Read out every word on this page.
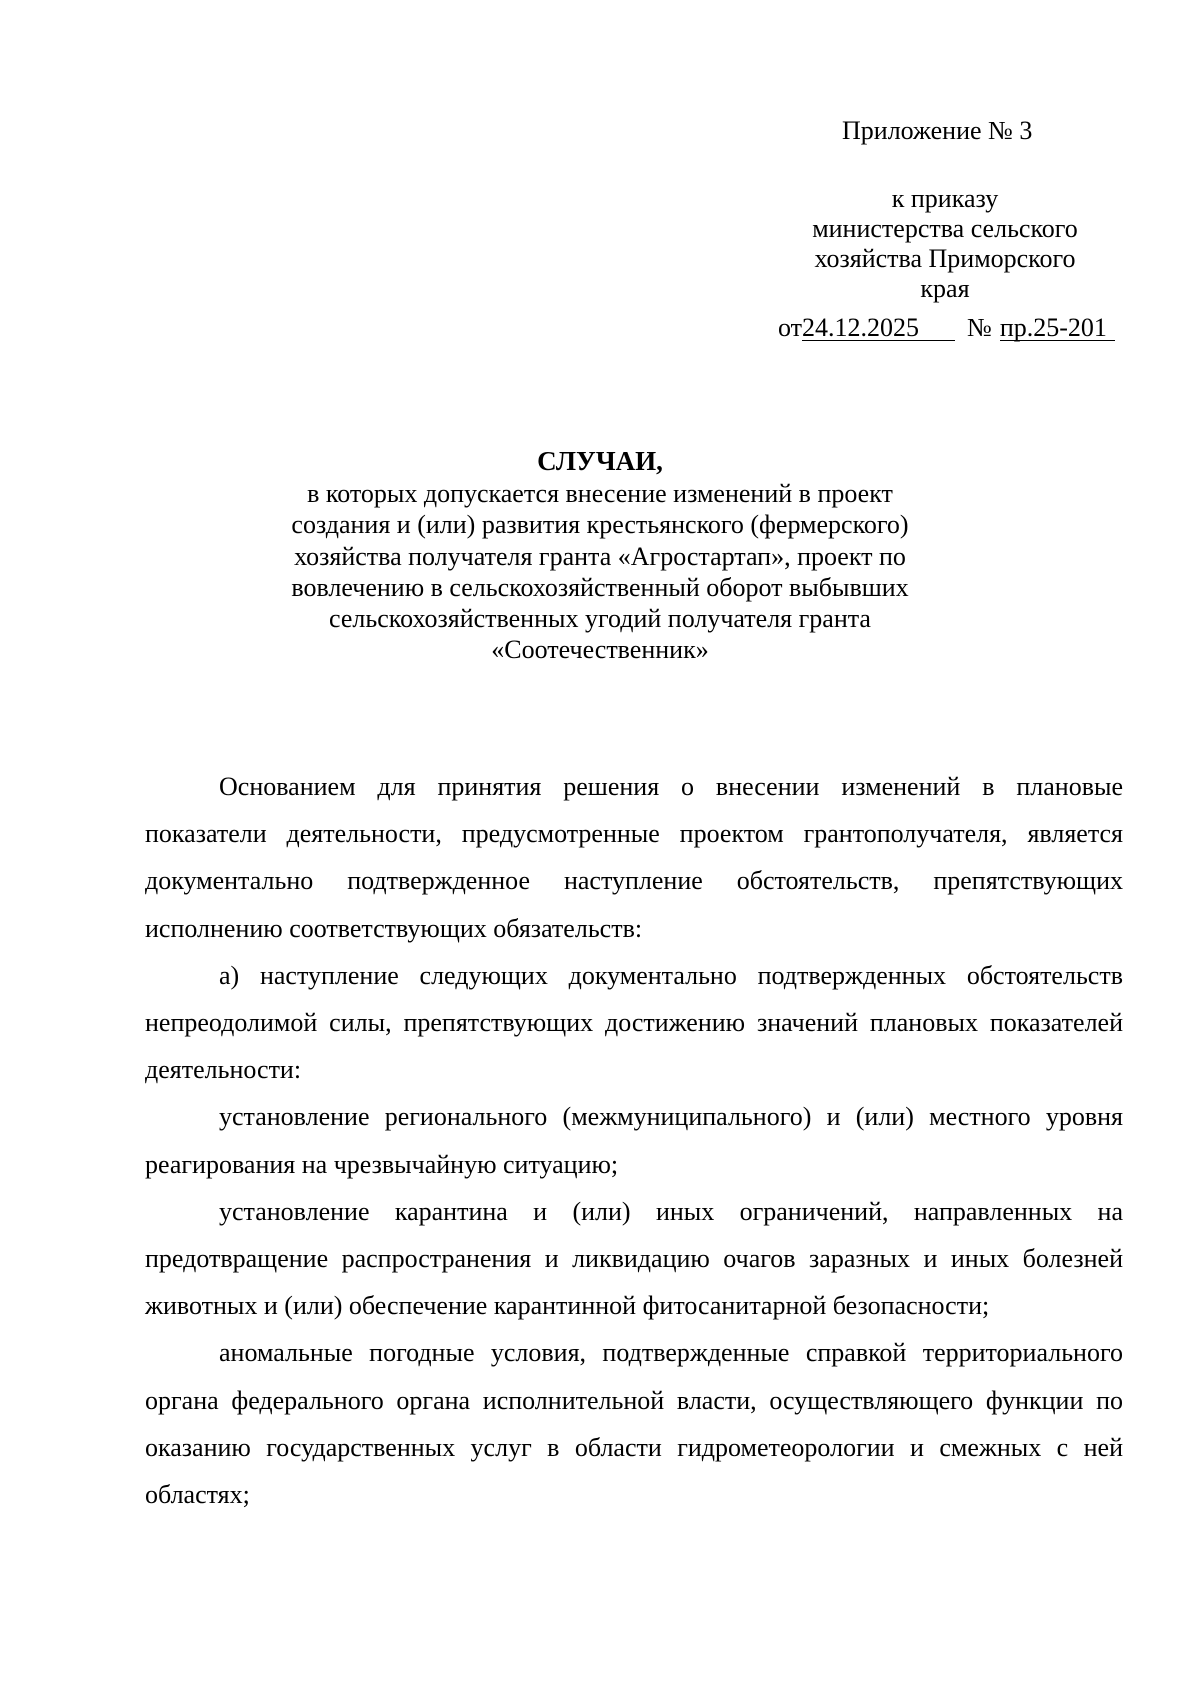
Приложение № 3
к приказу
министерства сельского
хозяйства Приморского
края
от24.12.2025 № пр.25-201
СЛУЧАИ,
в которых допускается внесение изменений в проект
создания и (или) развития крестьянского (фермерского)
хозяйства получателя гранта «Агростартап», проект по
вовлечению в сельскохозяйственный оборот выбывших
сельскохозяйственных угодий получателя гранта
«Соотечественник»

Основанием для принятия решения о внесении изменений в плановые показатели деятельности, предусмотренные проектом грантополучателя, является документально подтвержденное наступление обстоятельств, препятствующих исполнению соответствующих обязательств:

а) наступление следующих документально подтвержденных обстоятельств непреодолимой силы, препятствующих достижению значений плановых показателей деятельности:

установление регионального (межмуниципального) и (или) местного уровня реагирования на чрезвычайную ситуацию;

установление карантина и (или) иных ограничений, направленных на предотвращение распространения и ликвидацию очагов заразных и иных болезней животных и (или) обеспечение карантинной фитосанитарной безопасности;

аномальные погодные условия, подтвержденные справкой территориального органа федерального органа исполнительной власти, осуществляющего функции по оказанию государственных услуг в области гидрометеорологии и смежных с ней областях;
